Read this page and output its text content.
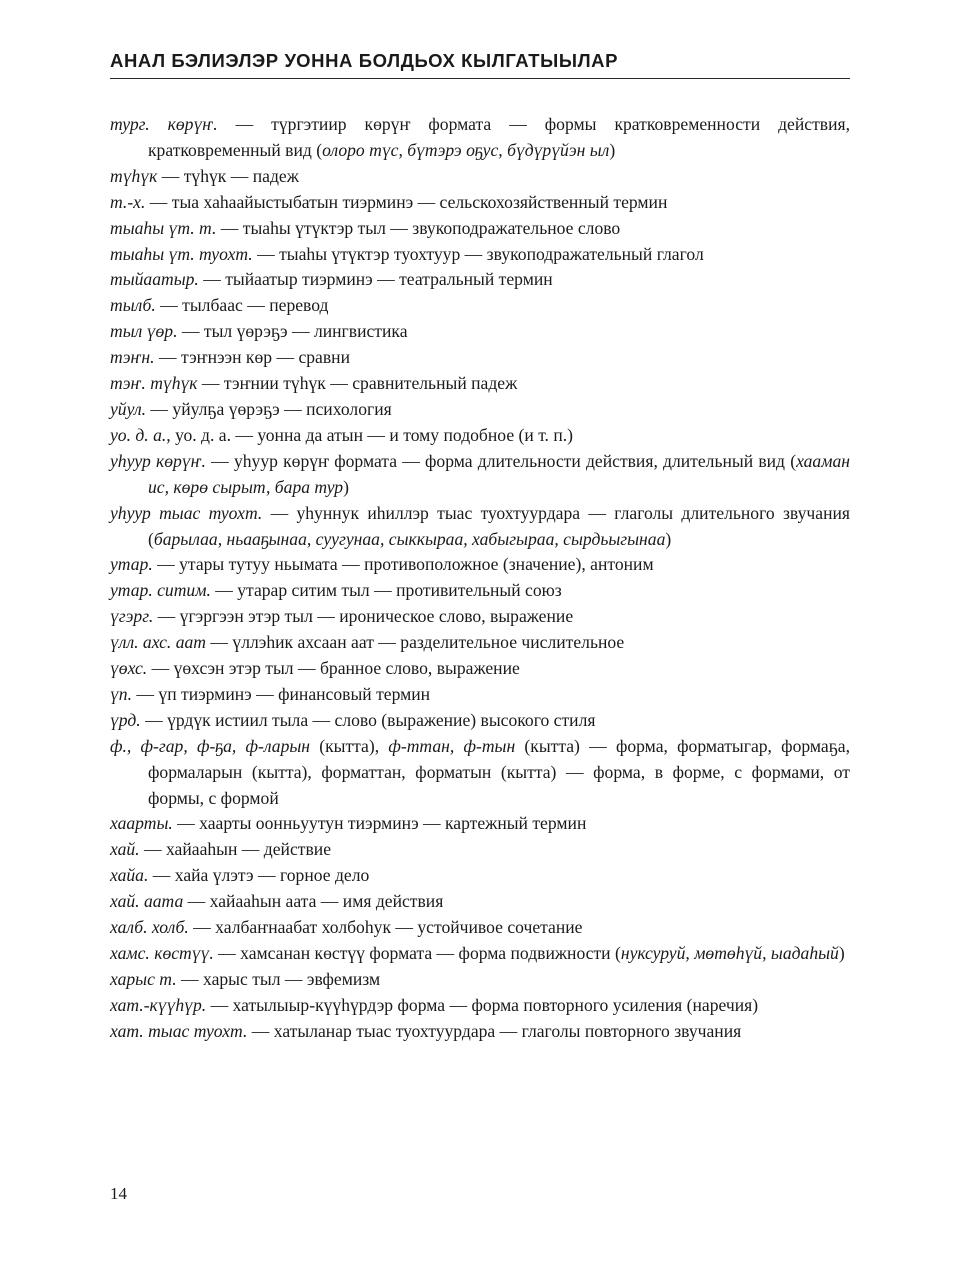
АНАЛ БЭЛИЭЛЭР УОННА БОЛДЬОХ КЫЛГАТЫЫЛАР

тург. көрүҥ. — түргэтиир көрүҥ формата — формы кратковременности действия, кратковременный вид (олоро түс, бүтэрэ оҕус, бүдүрүйэн ыл)

түһүк — түһүк — падеж

т.-х. — тыа хаһаайыстыбатын тиэрминэ — сельскохозяйственный термин

тыаһы үт. т. — тыаһы үтүктэр тыл — звукоподражательное слово

тыаһы үт. туохт. — тыаһы үтүктэр туохтуур — звукоподражательный глагол

тыйаатыр. — тыйаатыр тиэрминэ — театральный термин

тылб. — тылбаас — перевод

тыл үөр. — тыл үөрэҕэ — лингвистика

тэҥн. — тэҥнээн көр — сравни

тэҥ. түһүк — тэҥнии түһүк — сравнительный падеж

уйул. — уйулҕа үөрэҕэ — психология

уо. д. а., уо. д. а. — уонна да атын — и тому подобное (и т. п.)

уһуур көрүҥ. — уһуур көрүҥ формата — форма длительности действия, длительный вид (хааман ис, көрө сырыт, бара тур)

уһуур тыас туохт. — уһуннук иһиллэр тыас туохтуурдара — глаголы длительного звучания (барылаа, ньааҕынаа, суугунаа, сыккыраа, хабыгыраа, сырдьыгынаа)

утар. — утары тутуу ньымата — противоположное (значение), антоним

утар. ситим. — утарар ситим тыл — противительный союз

үгэрг. — үгэргээн этэр тыл — ироническое слово, выражение

үлл. ахс. аат — үллэһик ахсаан аат — разделительное числительное

үөхс. — үөхсэн этэр тыл — бранное слово, выражение

үп. — үп тиэрминэ — финансовый термин

үрд. — үрдүк истиил тыла — слово (выражение) высокого стиля

ф., ф-гар, ф-ҕа, ф-ларын (кытта), ф-ттан, ф-тын (кытта) — форма, форматыгар, формаҕа, формаларын (кытта), форматтан, форматын (кытта) — форма, в форме, с формами, от формы, с формой

хаарты. — хаарты оонньуутун тиэрминэ — картежный термин

хай. — хайааһын — действие

хайа. — хайа үлэтэ — горное дело

хай. аата — хайааһын аата — имя действия

халб. холб. — халбаҥнаабат холбоһук — устойчивое сочетание

хамс. көстүү. — хамсанан көстүү формата — форма подвижности (нуксуруй, мөтөһүй, ыадаһый)

харыс т. — харыс тыл — эвфемизм

хат.-күүһүр. — хатылыыр-күүһүрдэр форма — форма повторного усиления (наречия)

хат. тыас туохт. — хатыланар тыас туохтуурдара — глаголы повторного звучания

14
